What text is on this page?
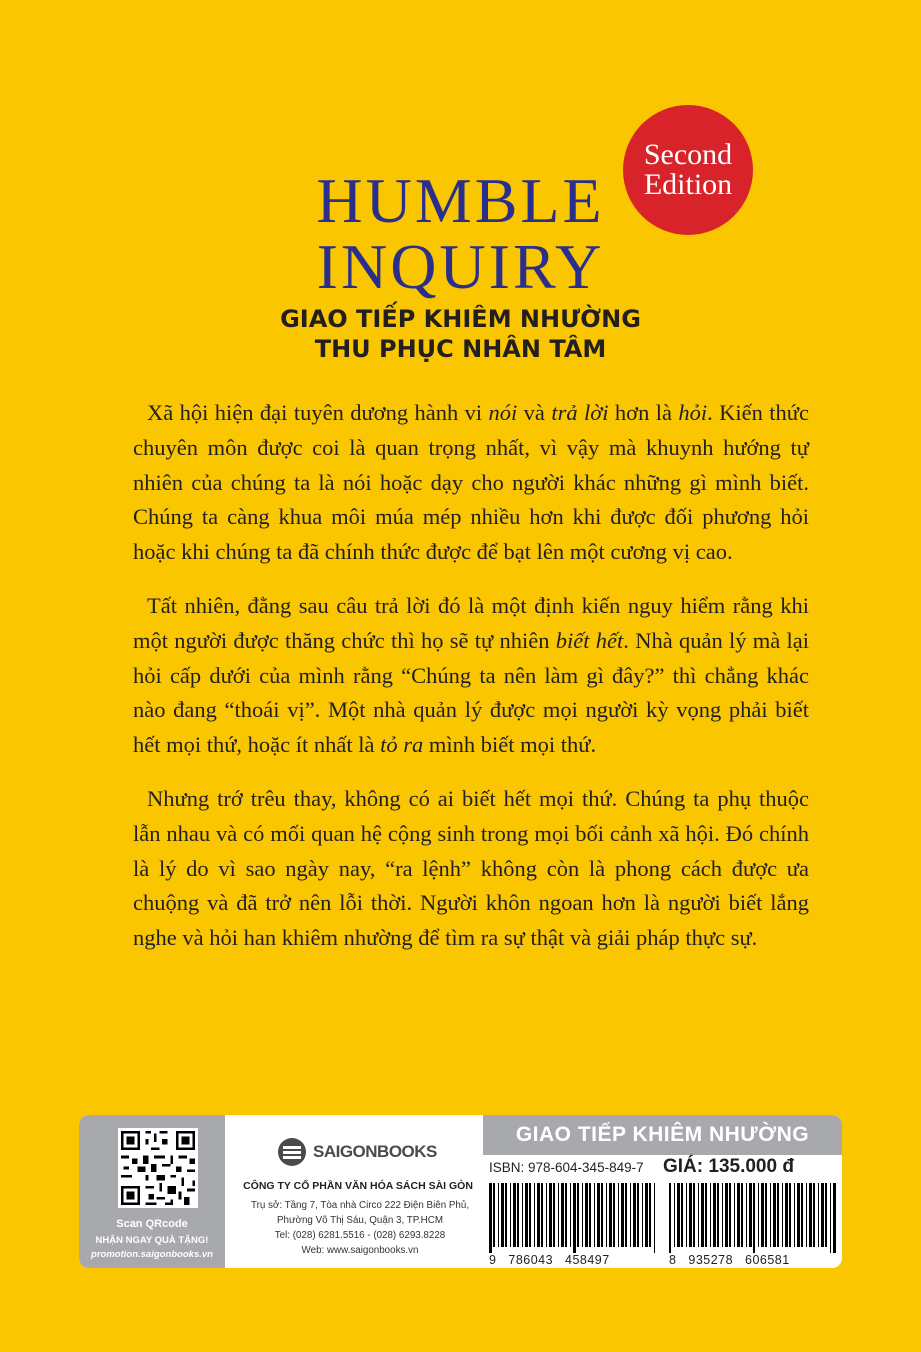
HUMBLE
INQUIRY
Second
Edition
GIAO TIẾP KHIÊM NHƯỜNG
THU PHỤC NHÂN TÂM

Xã hội hiện đại tuyên dương hành vi nói và trả lời hơn là hỏi. Kiến thức chuyên môn được coi là quan trọng nhất, vì vậy mà khuynh hướng tự nhiên của chúng ta là nói hoặc dạy cho người khác những gì mình biết. Chúng ta càng khua môi múa mép nhiều hơn khi được đối phương hỏi hoặc khi chúng ta đã chính thức được để bạt lên một cương vị cao.

Tất nhiên, đằng sau câu trả lời đó là một định kiến nguy hiểm rằng khi một người được thăng chức thì họ sẽ tự nhiên biết hết. Nhà quản lý mà lại hỏi cấp dưới của mình rằng “Chúng ta nên làm gì đây?” thì chẳng khác nào đang “thoái vị”. Một nhà quản lý được mọi người kỳ vọng phải biết hết mọi thứ, hoặc ít nhất là tỏ ra mình biết mọi thứ.

Nhưng trớ trêu thay, không có ai biết hết mọi thứ. Chúng ta phụ thuộc lẫn nhau và có mối quan hệ cộng sinh trong mọi bối cảnh xã hội. Đó chính là lý do vì sao ngày nay, “ra lệnh” không còn là phong cách được ưa chuộng và đã trở nên lỗi thời. Người khôn ngoan hơn là người biết lắng nghe và hỏi han khiêm nhường để tìm ra sự thật và giải pháp thực sự.

Scan QRcode
NHẬN NGAY QUÀ TẶNG!
promotion.saigonbooks.vn
SAIGONBOOKS
CÔNG TY CỔ PHẦN VĂN HÓA SÁCH SÀI GÒN
Trụ sở: Tầng 7, Tòa nhà Circo 222 Điện Biên Phủ,
Phường Võ Thị Sáu, Quận 3, TP.HCM
Tel: (028) 6281.5516 - (028) 6293.8228
Web: www.saigonbooks.vn
GIAO TIẾP KHIÊM NHƯỜNG
ISBN: 978-604-345-849-7 GIÁ: 135.000 đ
9   786043   458497	8   935278   606581
